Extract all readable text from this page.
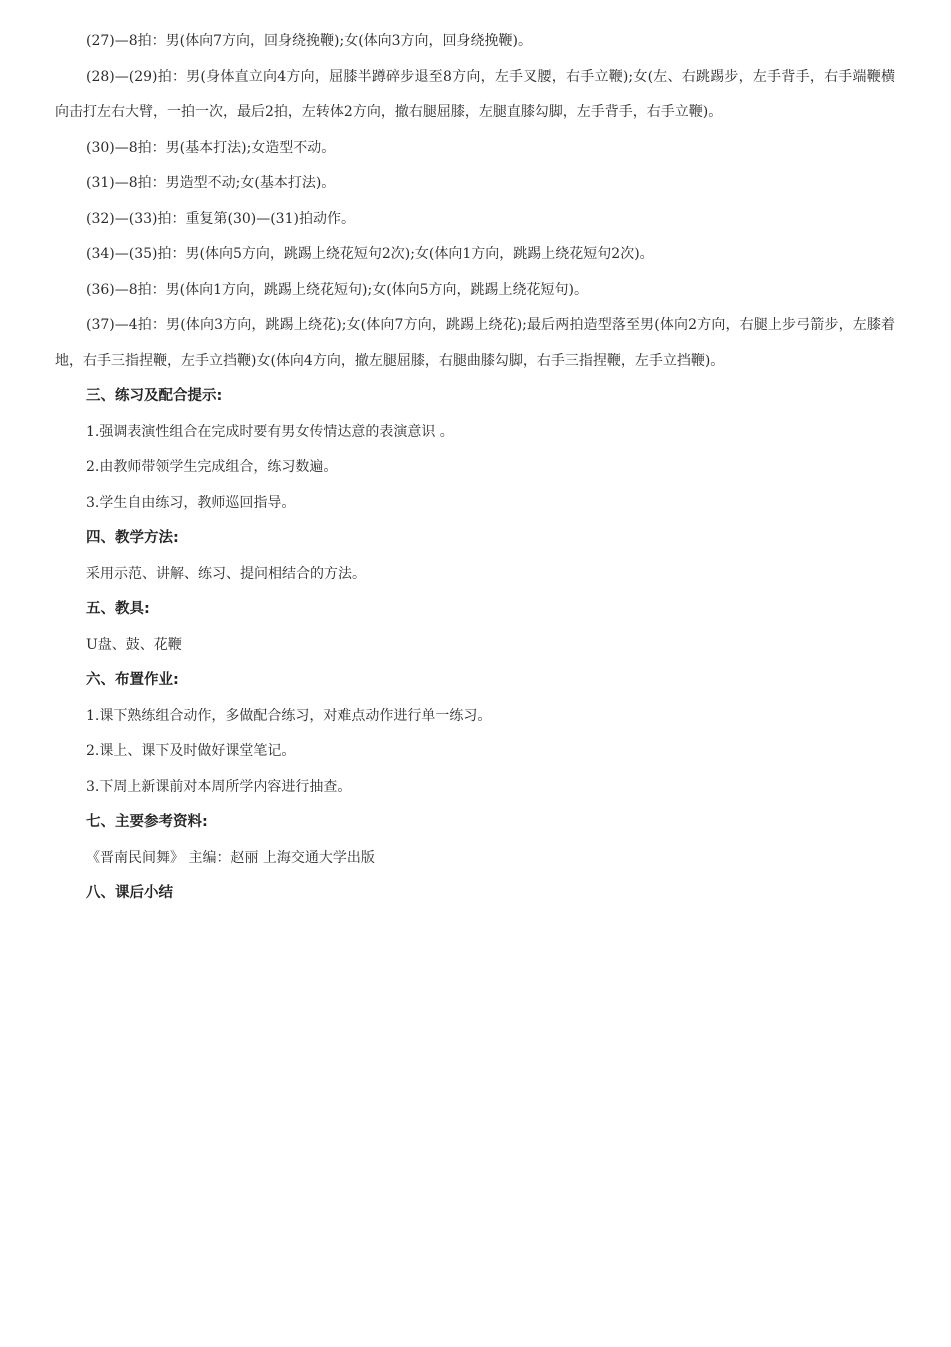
(27)—8拍：男(体向7方向，回身绕挽鞭);女(体向3方向，回身绕挽鞭)。

(28)—(29)拍：男(身体直立向4方向，屈膝半蹲碎步退至8方向，左手叉腰，右手立鞭);女(左、右跳踢步，左手背手，右手端鞭横向击打左右大臂，一拍一次，最后2拍，左转体2方向，撤右腿屈膝，左腿直膝勾脚，左手背手，右手立鞭)。

(30)—8拍：男(基本打法);女造型不动。

(31)—8拍：男造型不动;女(基本打法)。

(32)—(33)拍：重复第(30)—(31)拍动作。

(34)—(35)拍：男(体向5方向，跳踢上绕花短句2次);女(体向1方向，跳踢上绕花短句2次)。

(36)—8拍：男(体向1方向，跳踢上绕花短句);女(体向5方向，跳踢上绕花短句)。

(37)—4拍：男(体向3方向，跳踢上绕花);女(体向7方向，跳踢上绕花);最后两拍造型落至男(体向2方向，右腿上步弓箭步，左膝着地，右手三指捏鞭，左手立挡鞭)女(体向4方向，撤左腿屈膝，右腿曲膝勾脚，右手三指捏鞭，左手立挡鞭)。

三、练习及配合提示:

1.强调表演性组合在完成时要有男女传情达意的表演意识 。

2.由教师带领学生完成组合，练习数遍。

3.学生自由练习，教师巡回指导。

四、教学方法:

采用示范、讲解、练习、提问相结合的方法。

五、教具:

U盘、鼓、花鞭

六、布置作业:

1.课下熟练组合动作，多做配合练习，对难点动作进行单一练习。

2.课上、课下及时做好课堂笔记。

3.下周上新课前对本周所学内容进行抽查。

七、主要参考资料:

《晋南民间舞》 主编：赵丽 上海交通大学出版

八、课后小结
